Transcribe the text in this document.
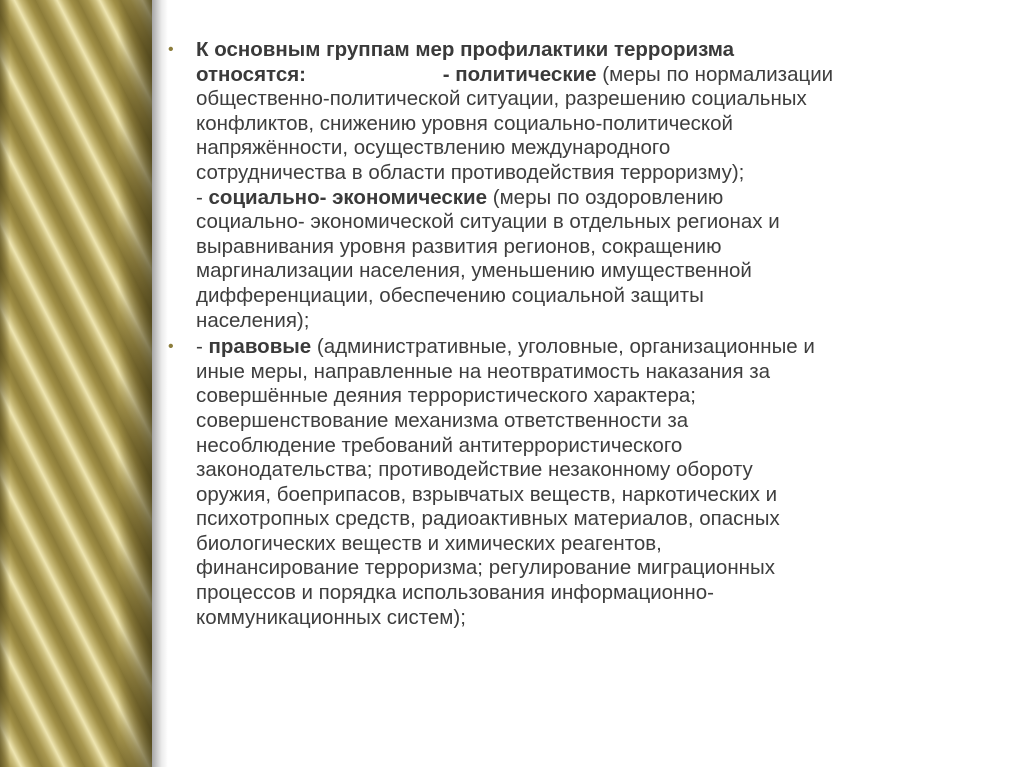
• К основным группам мер профилактики терроризма
относятся:                        - политические (меры по нормализации
общественно-политической ситуации, разрешению социальных
конфликтов, снижению уровня социально-политической
напряжённости, осуществлению международного
сотрудничества в области противодействия терроризму);
- социально- экономические (меры по оздоровлению
социально- экономической ситуации в отдельных регионах и
выравнивания уровня развития регионов, сокращению
маргинализации населения, уменьшению имущественной
дифференциации, обеспечению социальной защиты
населения);
• - правовые (административные, уголовные, организационные и
иные меры, направленные на неотвратимость наказания за
совершённые деяния террористического характера;
совершенствование механизма ответственности за
несоблюдение требований антитеррористического
законодательства; противодействие незаконному обороту
оружия, боеприпасов, взрывчатых веществ, наркотических и
психотропных средств, радиоактивных материалов, опасных
биологических веществ и химических реагентов,
финансирование терроризма; регулирование миграционных
процессов и порядка использования информационно-
коммуникационных систем);
